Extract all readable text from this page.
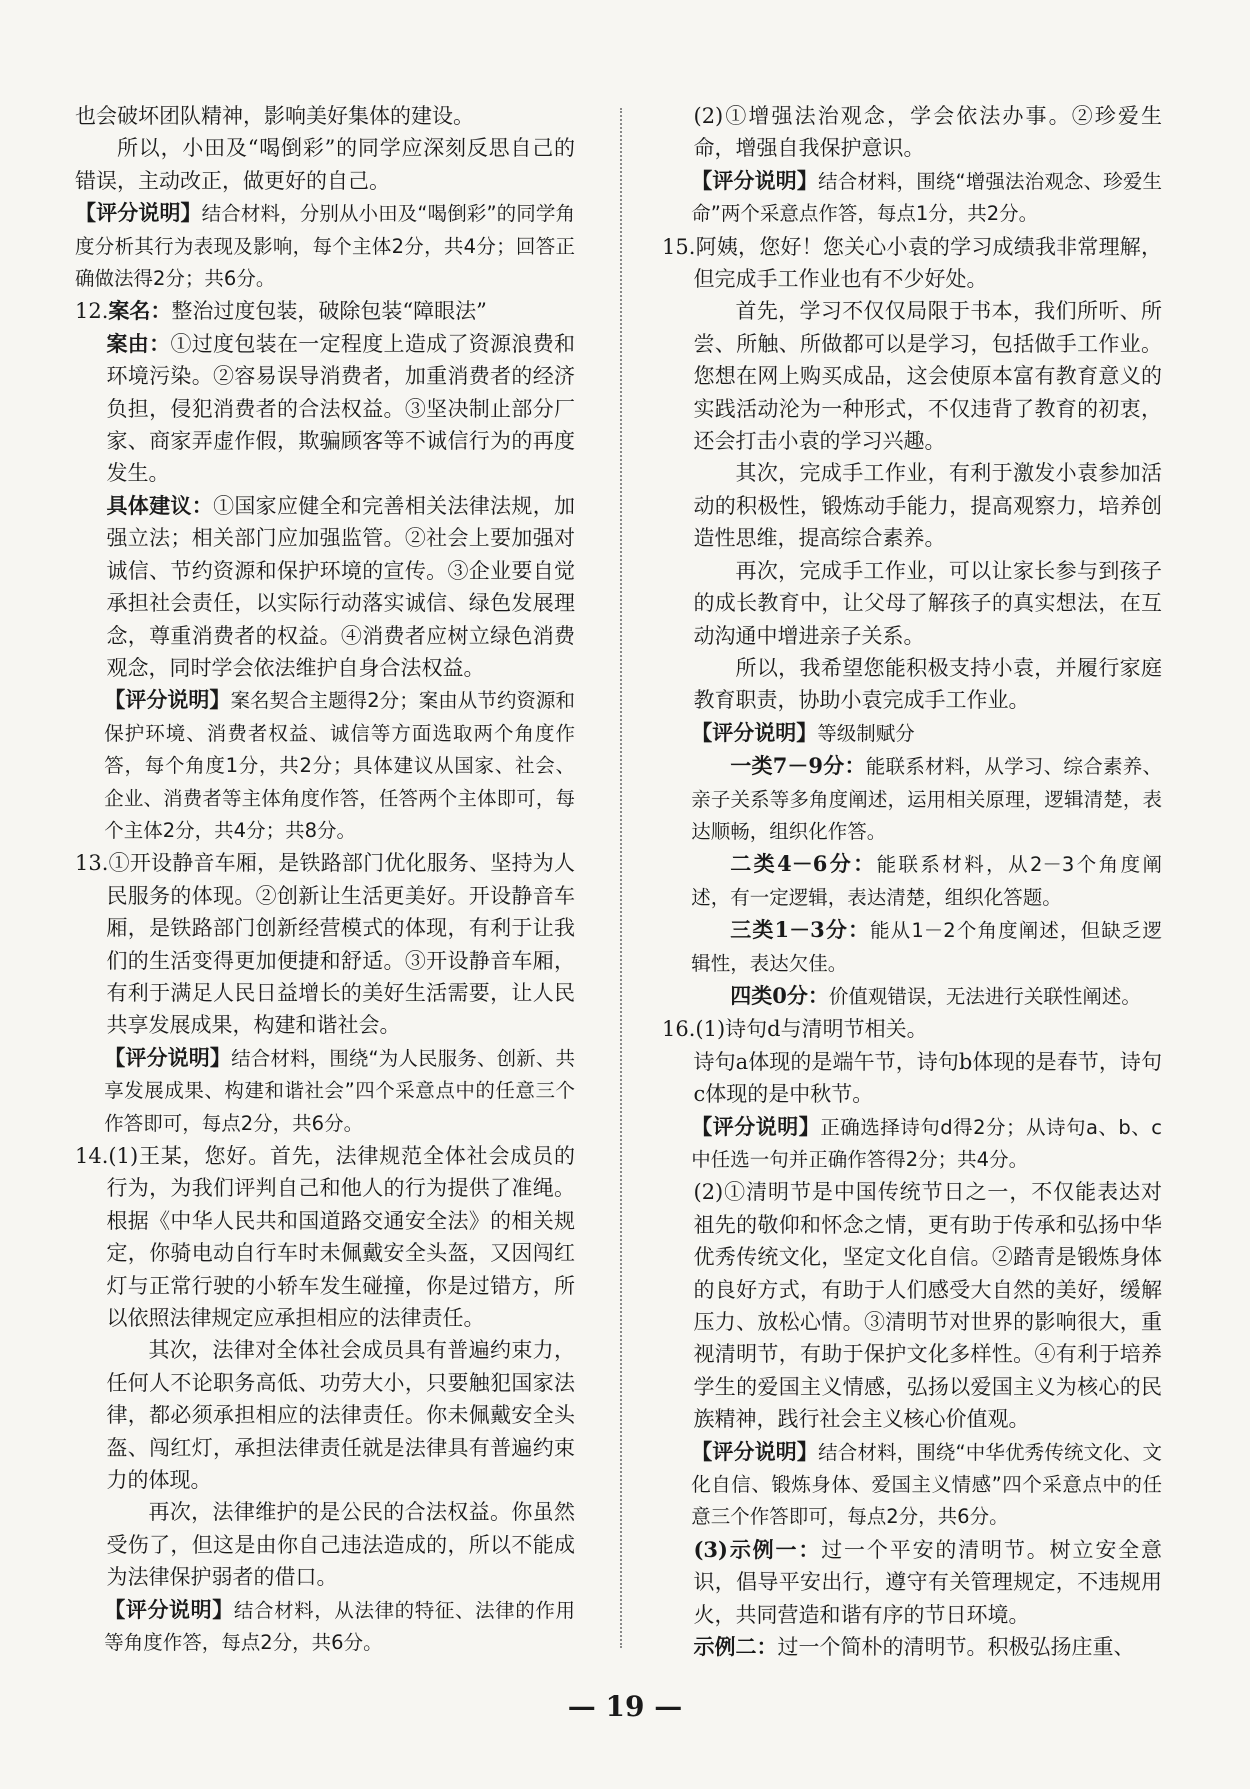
也会破坏团队精神，影响美好集体的建设。

所以，小田及“喝倒彩”的同学应深刻反思自己的错误，主动改正，做更好的自己。

【评分说明】结合材料，分别从小田及“喝倒彩”的同学角度分析其行为表现及影响，每个主体2分，共4分；回答正确做法得2分；共6分。

12.案名：整治过度包装，破除包装“障眼法”

案由：①过度包装在一定程度上造成了资源浪费和环境污染。②容易误导消费者，加重消费者的经济负担，侵犯消费者的合法权益。③坚决制止部分厂家、商家弄虚作假，欺骗顾客等不诚信行为的再度发生。

具体建议：①国家应健全和完善相关法律法规，加强立法；相关部门应加强监管。②社会上要加强对诚信、节约资源和保护环境的宣传。③企业要自觉承担社会责任，以实际行动落实诚信、绿色发展理念，尊重消费者的权益。④消费者应树立绿色消费观念，同时学会依法维护自身合法权益。

【评分说明】案名契合主题得2分；案由从节约资源和保护环境、消费者权益、诚信等方面选取两个角度作答，每个角度1分，共2分；具体建议从国家、社会、企业、消费者等主体角度作答，任答两个主体即可，每个主体2分，共4分；共8分。

13.①开设静音车厢，是铁路部门优化服务、坚持为人民服务的体现。②创新让生活更美好。开设静音车厢，是铁路部门创新经营模式的体现，有利于让我们的生活变得更加便捷和舒适。③开设静音车厢，有利于满足人民日益增长的美好生活需要，让人民共享发展成果，构建和谐社会。

【评分说明】结合材料，围绕“为人民服务、创新、共享发展成果、构建和谐社会”四个采意点中的任意三个作答即可，每点2分，共6分。

14.(1)王某，您好。首先，法律规范全体社会成员的行为，为我们评判自己和他人的行为提供了准绳。根据《中华人民共和国道路交通安全法》的相关规定，你骑电动自行车时未佩戴安全头盔，又因闯红灯与正常行驶的小轿车发生碰撞，你是过错方，所以依照法律规定应承担相应的法律责任。

其次，法律对全体社会成员具有普遍约束力，任何人不论职务高低、功劳大小，只要触犯国家法律，都必须承担相应的法律责任。你未佩戴安全头盔、闯红灯，承担法律责任就是法律具有普遍约束力的体现。

再次，法律维护的是公民的合法权益。你虽然受伤了，但这是由你自己违法造成的，所以不能成为法律保护弱者的借口。

【评分说明】结合材料，从法律的特征、法律的作用等角度作答，每点2分，共6分。

(2)①增强法治观念，学会依法办事。②珍爱生命，增强自我保护意识。

【评分说明】结合材料，围绕“增强法治观念、珍爱生命”两个采意点作答，每点1分，共2分。

15.阿姨，您好！您关心小袁的学习成绩我非常理解，但完成手工作业也有不少好处。

首先，学习不仅仅局限于书本，我们所听、所尝、所触、所做都可以是学习，包括做手工作业。您想在网上购买成品，这会使原本富有教育意义的实践活动沦为一种形式，不仅违背了教育的初衷，还会打击小袁的学习兴趣。

其次，完成手工作业，有利于激发小袁参加活动的积极性，锻炼动手能力，提高观察力，培养创造性思维，提高综合素养。

再次，完成手工作业，可以让家长参与到孩子的成长教育中，让父母了解孩子的真实想法，在互动沟通中增进亲子关系。

所以，我希望您能积极支持小袁，并履行家庭教育职责，协助小袁完成手工作业。

【评分说明】等级制赋分

一类7－9分：能联系材料，从学习、综合素养、亲子关系等多角度阐述，运用相关原理，逻辑清楚，表达顺畅，组织化作答。

二类4－6分：能联系材料，从2－3个角度阐述，有一定逻辑，表达清楚，组织化答题。

三类1－3分：能从1－2个角度阐述，但缺乏逻辑性，表达欠佳。

四类0分：价值观错误，无法进行关联性阐述。

16.(1)诗句d与清明节相关。

诗句a体现的是端午节，诗句b体现的是春节，诗句c体现的是中秋节。

【评分说明】正确选择诗句d得2分；从诗句a、b、c中任选一句并正确作答得2分；共4分。

(2)①清明节是中国传统节日之一，不仅能表达对祖先的敬仰和怀念之情，更有助于传承和弘扬中华优秀传统文化，坚定文化自信。②踏青是锻炼身体的良好方式，有助于人们感受大自然的美好，缓解压力、放松心情。③清明节对世界的影响很大，重视清明节，有助于保护文化多样性。④有利于培养学生的爱国主义情感，弘扬以爱国主义为核心的民族精神，践行社会主义核心价值观。

【评分说明】结合材料，围绕“中华优秀传统文化、文化自信、锻炼身体、爱国主义情感”四个采意点中的任意三个作答即可，每点2分，共6分。

(3)示例一：过一个平安的清明节。树立安全意识，倡导平安出行，遵守有关管理规定，不违规用火，共同营造和谐有序的节日环境。

示例二：过一个简朴的清明节。积极弘扬庄重、

— 19 —
